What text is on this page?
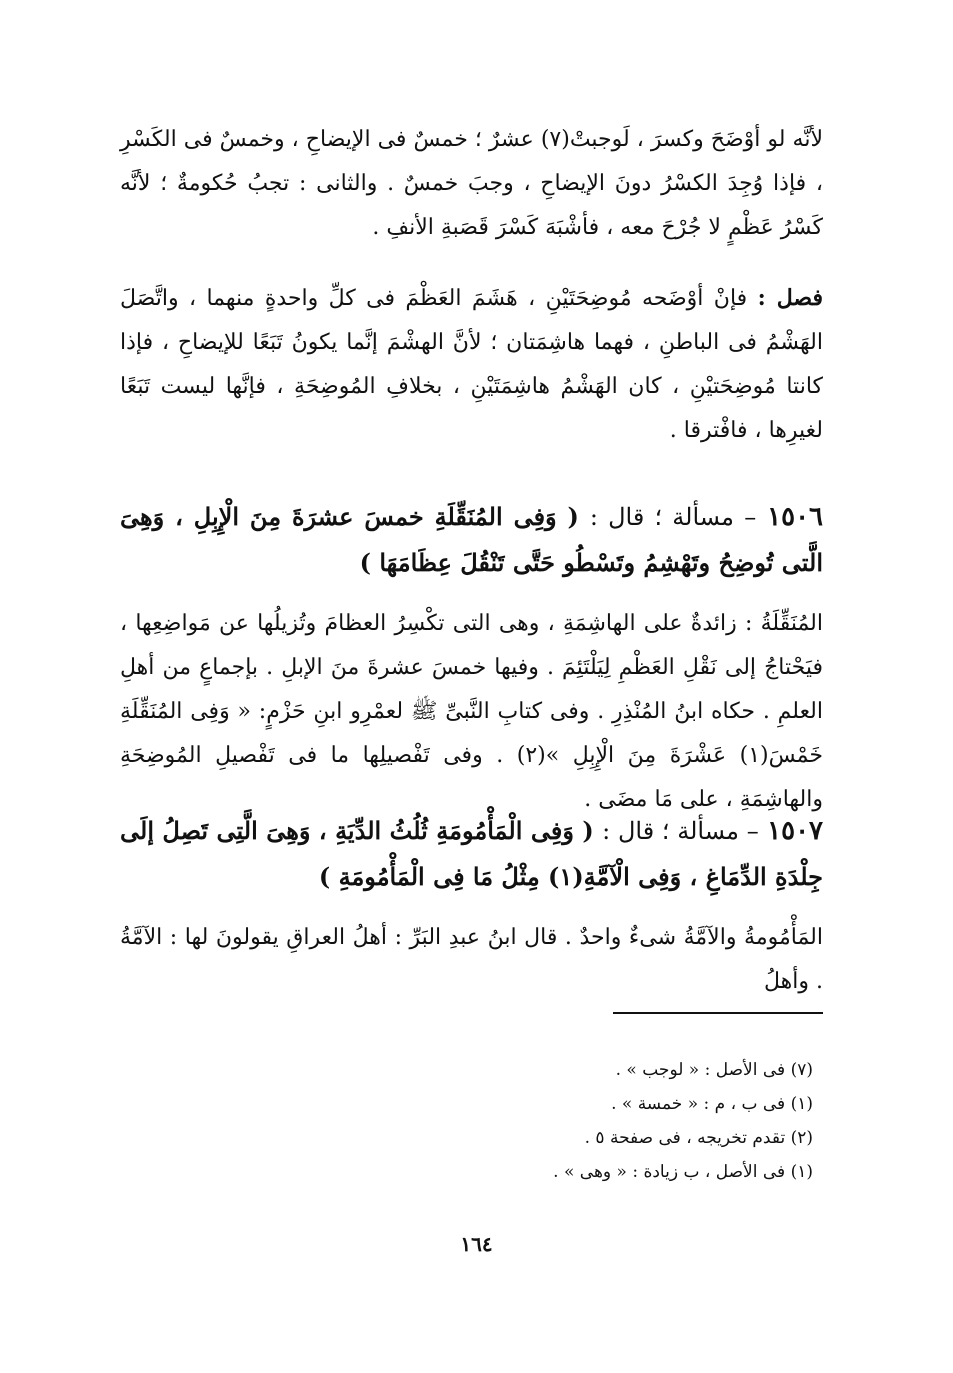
لأنَّه لو أوْضَحَ وكسرَ ، لَوجبتْ(٧) عشرٌ ؛ خمسٌ فى الإيضاحِ ، وخمسٌ فى الكَسْرِ ، فإذا وُجِدَ الكسْرُ دونَ الإيضاحِ ، وجبَ خمسٌ . والثانى : تجبُ حُكومةٌ ؛ لأنَّه كَسْرُ عَظْمٍ لا جُرْحَ معه ، فأشْبَهَ كَسْرَ قَصَبةِ الأنفِ .

فصل : فإنْ أوْضَحه مُوضِحَتَيْنِ ، هَشَمَ العَظْمَ فى كلِّ واحدةٍ منهما ، واتَّصَلَ الهَشْمُ فى الباطنِ ، فهما هاشِمَتان ؛ لأنَّ الهشْمَ إنَّما يكونُ تَبَعًا للإيضاحِ ، فإذا كانتا مُوضِحَتيْنِ ، كان الهَشْمُ هاشِمَتَيْنِ ، بخلافِ المُوضِحَةِ ، فإنَّها ليست تَبَعًا لغيرِها ، فافْترقا .

١٥٠٦ – مسألة ؛ قال : ( وَفِى المُنَقِّلَةِ خمسَ عشرَةَ مِنَ الْإِبِلِ ، وَهِىَ الَّتى تُوضِحُ وتَهْشِمُ وتَسْطُو حَتَّى تَنْقُلَ عِظَامَهَا )

المُنَقِّلَةُ : زائدةٌ على الهاشِمَةِ ، وهى التى تكْسِرُ العظامَ وتُزيلُها عن مَواضِعِها ، فيَحْتاجُ إلى نَقْلِ العَظْمِ لِيَلْتَئِمَ . وفيها خمسَ عشرةَ منَ الإبلِ . بإجماعٍ من أهلِ العلمِ . حكاه ابنُ المُنْذِرِ . وفى كتابِ النَّبىِّ ﷺ لعمْرِو ابنِ حَزْمٍ: « وَفِى المُنَقِّلَةِ خَمْسَ(١) عَشْرَةَ مِنَ الْإِبِلِ »(٢) . وفى تَفْصيلِها ما فى تَفْصيلِ المُوضِحَةِ والهاشِمَةِ ، على مَا مضَى .

١٥٠٧ – مسألة ؛ قال : ( وَفِى الْمَأْمُومَةِ ثُلُثُ الدِّيَةِ ، وَهِىَ الَّتِى تَصِلُ إلَى جِلْدَةِ الدِّمَاغِ ، وَفِى الْآمَّةِ(١) مِثْلُ مَا فِى الْمَأْمُومَةِ )

المَأْمُومةُ والآمَّةُ شىءٌ واحدٌ . قال ابنُ عبدِ البَرِّ : أهلُ العراقِ يقولونَ لها : الآمَّةُ . وأهلُ

(٧) فى الأصل : « لوجب » .
(١) فى ب ، م : « خمسة » .
(٢) تقدم تخريجه ، فى صفحة ٥ .
(١) فى الأصل ، ب زيادة : « وهى » .
١٦٤
